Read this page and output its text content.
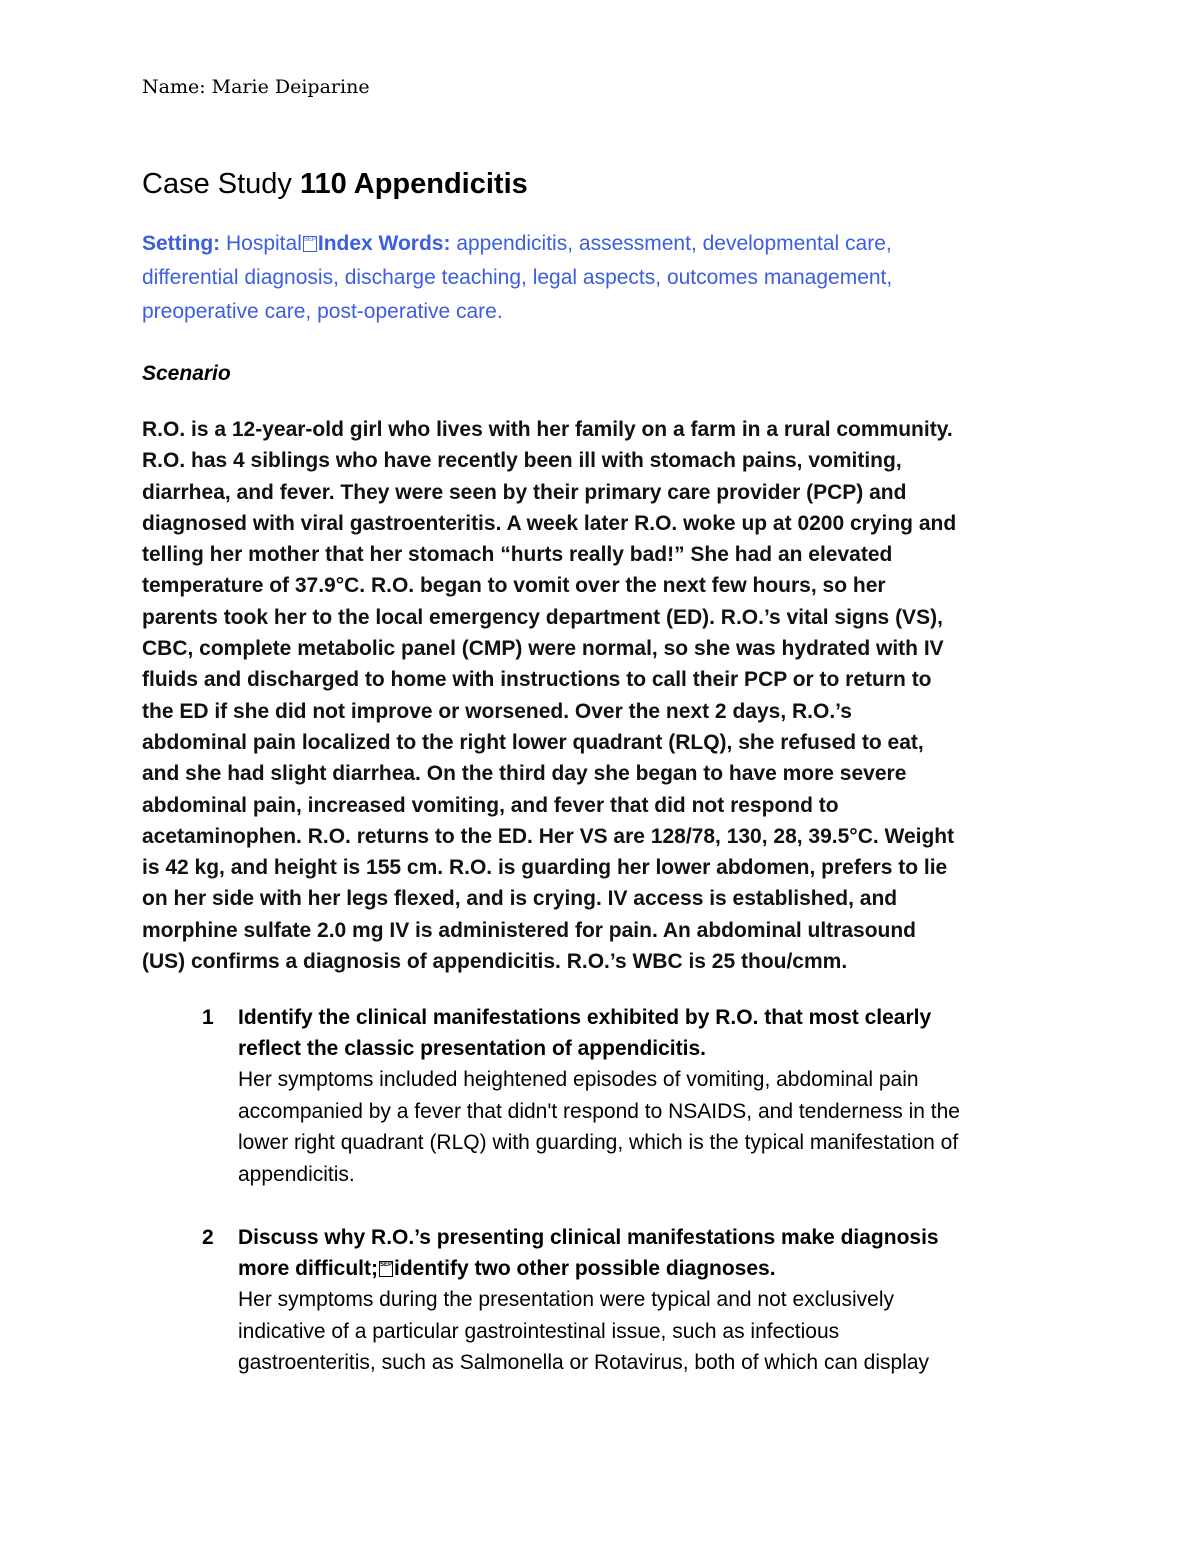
Name: Marie Deiparine
Case Study 110 Appendicitis
Setting: Hospital SEPIndex Words: appendicitis, assessment, developmental care,
differential diagnosis, discharge teaching, legal aspects, outcomes management,
preoperative care, post-operative care.
Scenario
R.O. is a 12-year-old girl who lives with her family on a farm in a rural community.
R.O. has 4 siblings who have recently been ill with stomach pains, vomiting,
diarrhea, and fever. They were seen by their primary care provider (PCP) and
diagnosed with viral gastroenteritis. A week later R.O. woke up at 0200 crying and
telling her mother that her stomach “hurts really bad!” She had an elevated
temperature of 37.9°C. R.O. began to vomit over the next few hours, so her
parents took her to the local emergency department (ED). R.O.’s vital signs (VS),
CBC, complete metabolic panel (CMP) were normal, so she was hydrated with IV
fluids and discharged to home with instructions to call their PCP or to return to
the ED if she did not improve or worsened. Over the next 2 days, R.O.’s
abdominal pain localized to the right lower quadrant (RLQ), she refused to eat,
and she had slight diarrhea. On the third day she began to have more severe
abdominal pain, increased vomiting, and fever that did not respond to
acetaminophen. R.O. returns to the ED. Her VS are 128/78, 130, 28, 39.5°C. Weight
is 42 kg, and height is 155 cm. R.O. is guarding her lower abdomen, prefers to lie
on her side with her legs flexed, and is crying. IV access is established, and
morphine sulfate 2.0 mg IV is administered for pain. An abdominal ultrasound
(US) confirms a diagnosis of appendicitis. R.O.’s WBC is 25 thou/cmm.
1 Identify the clinical manifestations exhibited by R.O. that most clearly
reflect the classic presentation of appendicitis.
Her symptoms included heightened episodes of vomiting, abdominal pain
accompanied by a fever that didn't respond to NSAIDS, and tenderness in the
lower right quadrant (RLQ) with guarding, which is the typical manifestation of
appendicitis.
2 Discuss why R.O.’s presenting clinical manifestations make diagnosis
more difficult; SEPidentify two other possible diagnoses.
Her symptoms during the presentation were typical and not exclusively
indicative of a particular gastrointestinal issue, such as infectious
gastroenteritis, such as Salmonella or Rotavirus, both of which can display
